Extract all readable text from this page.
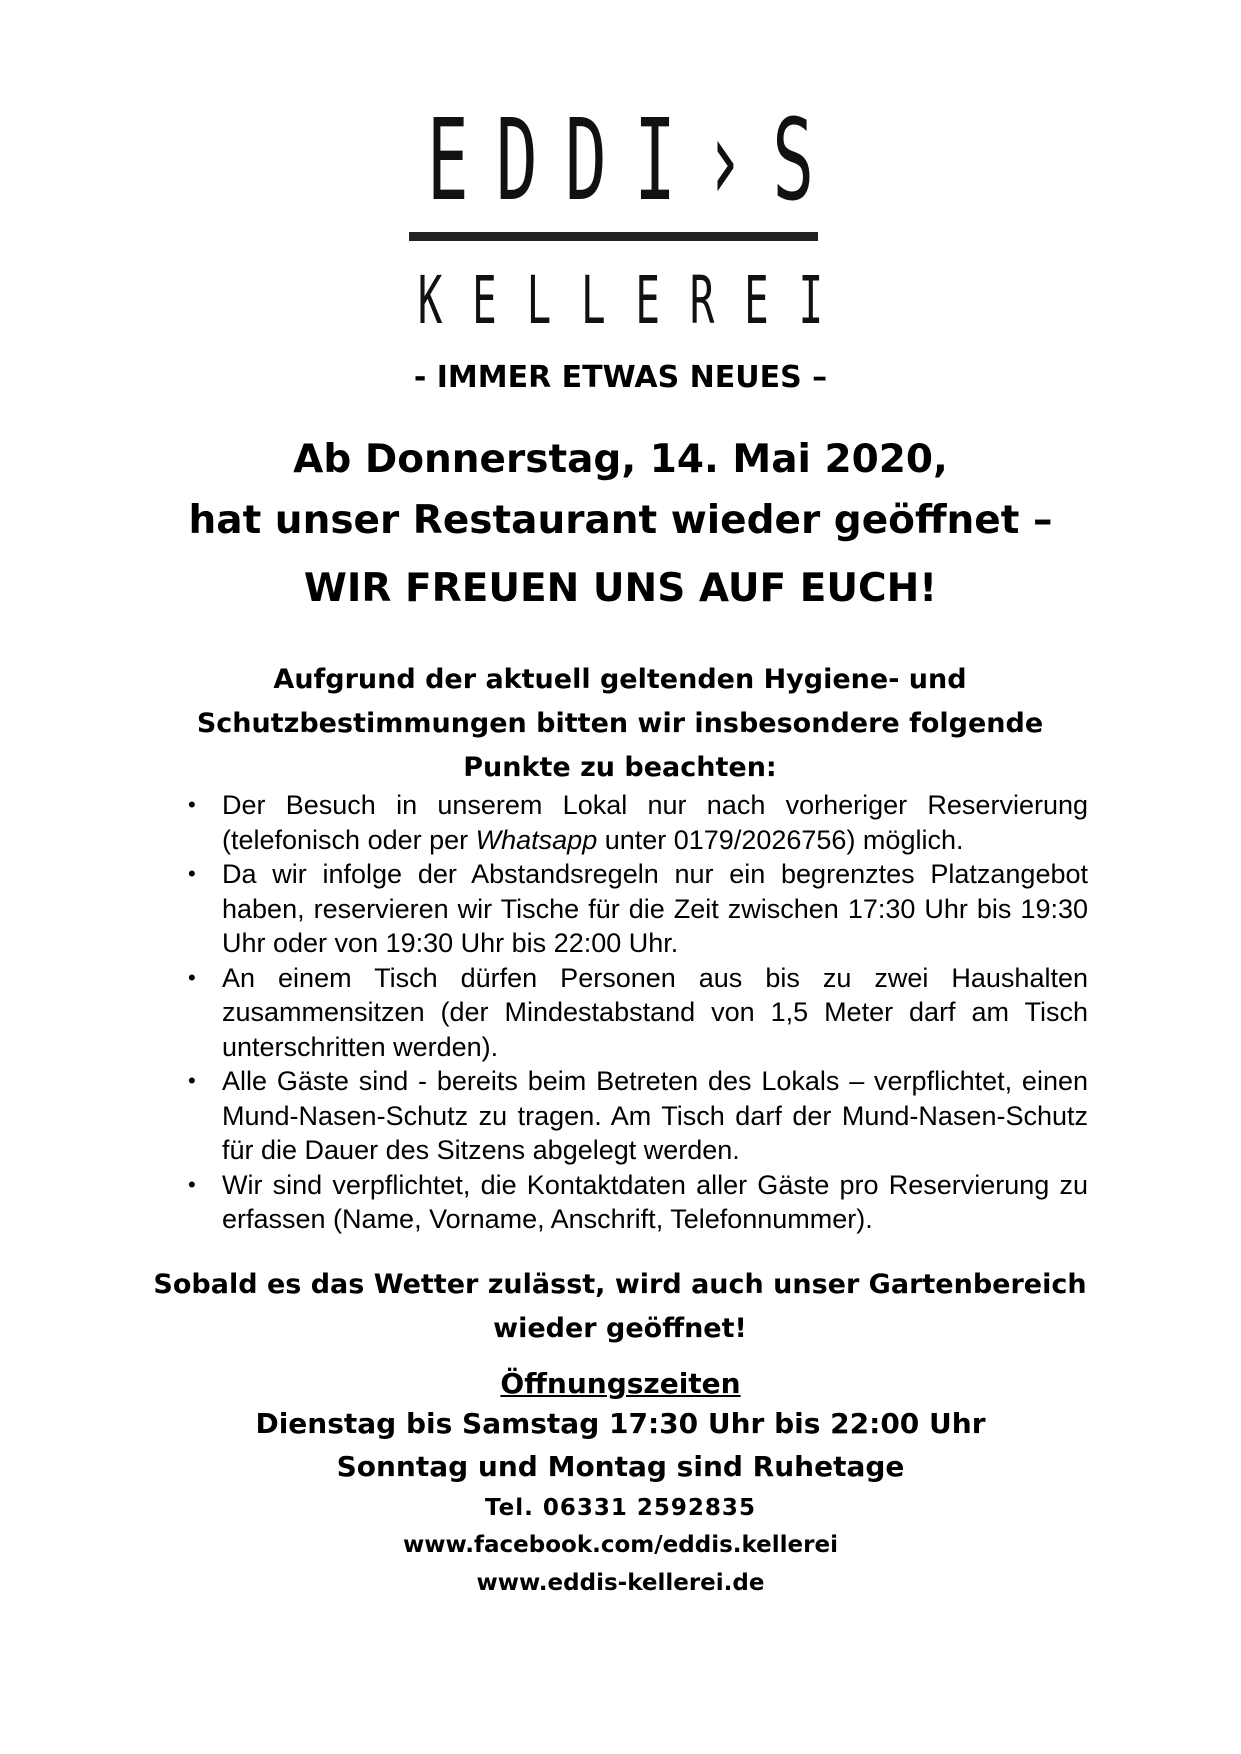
EDDI›S
KELLEREI
- IMMER ETWAS NEUES –
Ab Donnerstag, 14. Mai 2020,
hat unser Restaurant wieder geöffnet –
WIR FREUEN UNS AUF EUCH!
Aufgrund der aktuell geltenden Hygiene- und Schutzbestimmungen bitten wir insbesondere folgende Punkte zu beachten:
• Der Besuch in unserem Lokal nur nach vorheriger Reservierung (telefonisch oder per Whatsapp unter 0179/2026756) möglich.
• Da wir infolge der Abstandsregeln nur ein begrenztes Platzangebot haben, reservieren wir Tische für die Zeit zwischen 17:30 Uhr bis 19:30 Uhr oder von 19:30 Uhr bis 22:00 Uhr.
• An einem Tisch dürfen Personen aus bis zu zwei Haushalten zusammensitzen (der Mindestabstand von 1,5 Meter darf am Tisch unterschritten werden).
• Alle Gäste sind - bereits beim Betreten des Lokals – verpflichtet, einen Mund-Nasen-Schutz zu tragen. Am Tisch darf der Mund-Nasen-Schutz für die Dauer des Sitzens abgelegt werden.
• Wir sind verpflichtet, die Kontaktdaten aller Gäste pro Reservierung zu erfassen (Name, Vorname, Anschrift, Telefonnummer).
Sobald es das Wetter zulässt, wird auch unser Gartenbereich wieder geöffnet!
Öffnungszeiten
Dienstag bis Samstag 17:30 Uhr bis 22:00 Uhr
Sonntag und Montag sind Ruhetage
Tel. 06331 2592835
www.facebook.com/eddis.kellerei
www.eddis-kellerei.de
